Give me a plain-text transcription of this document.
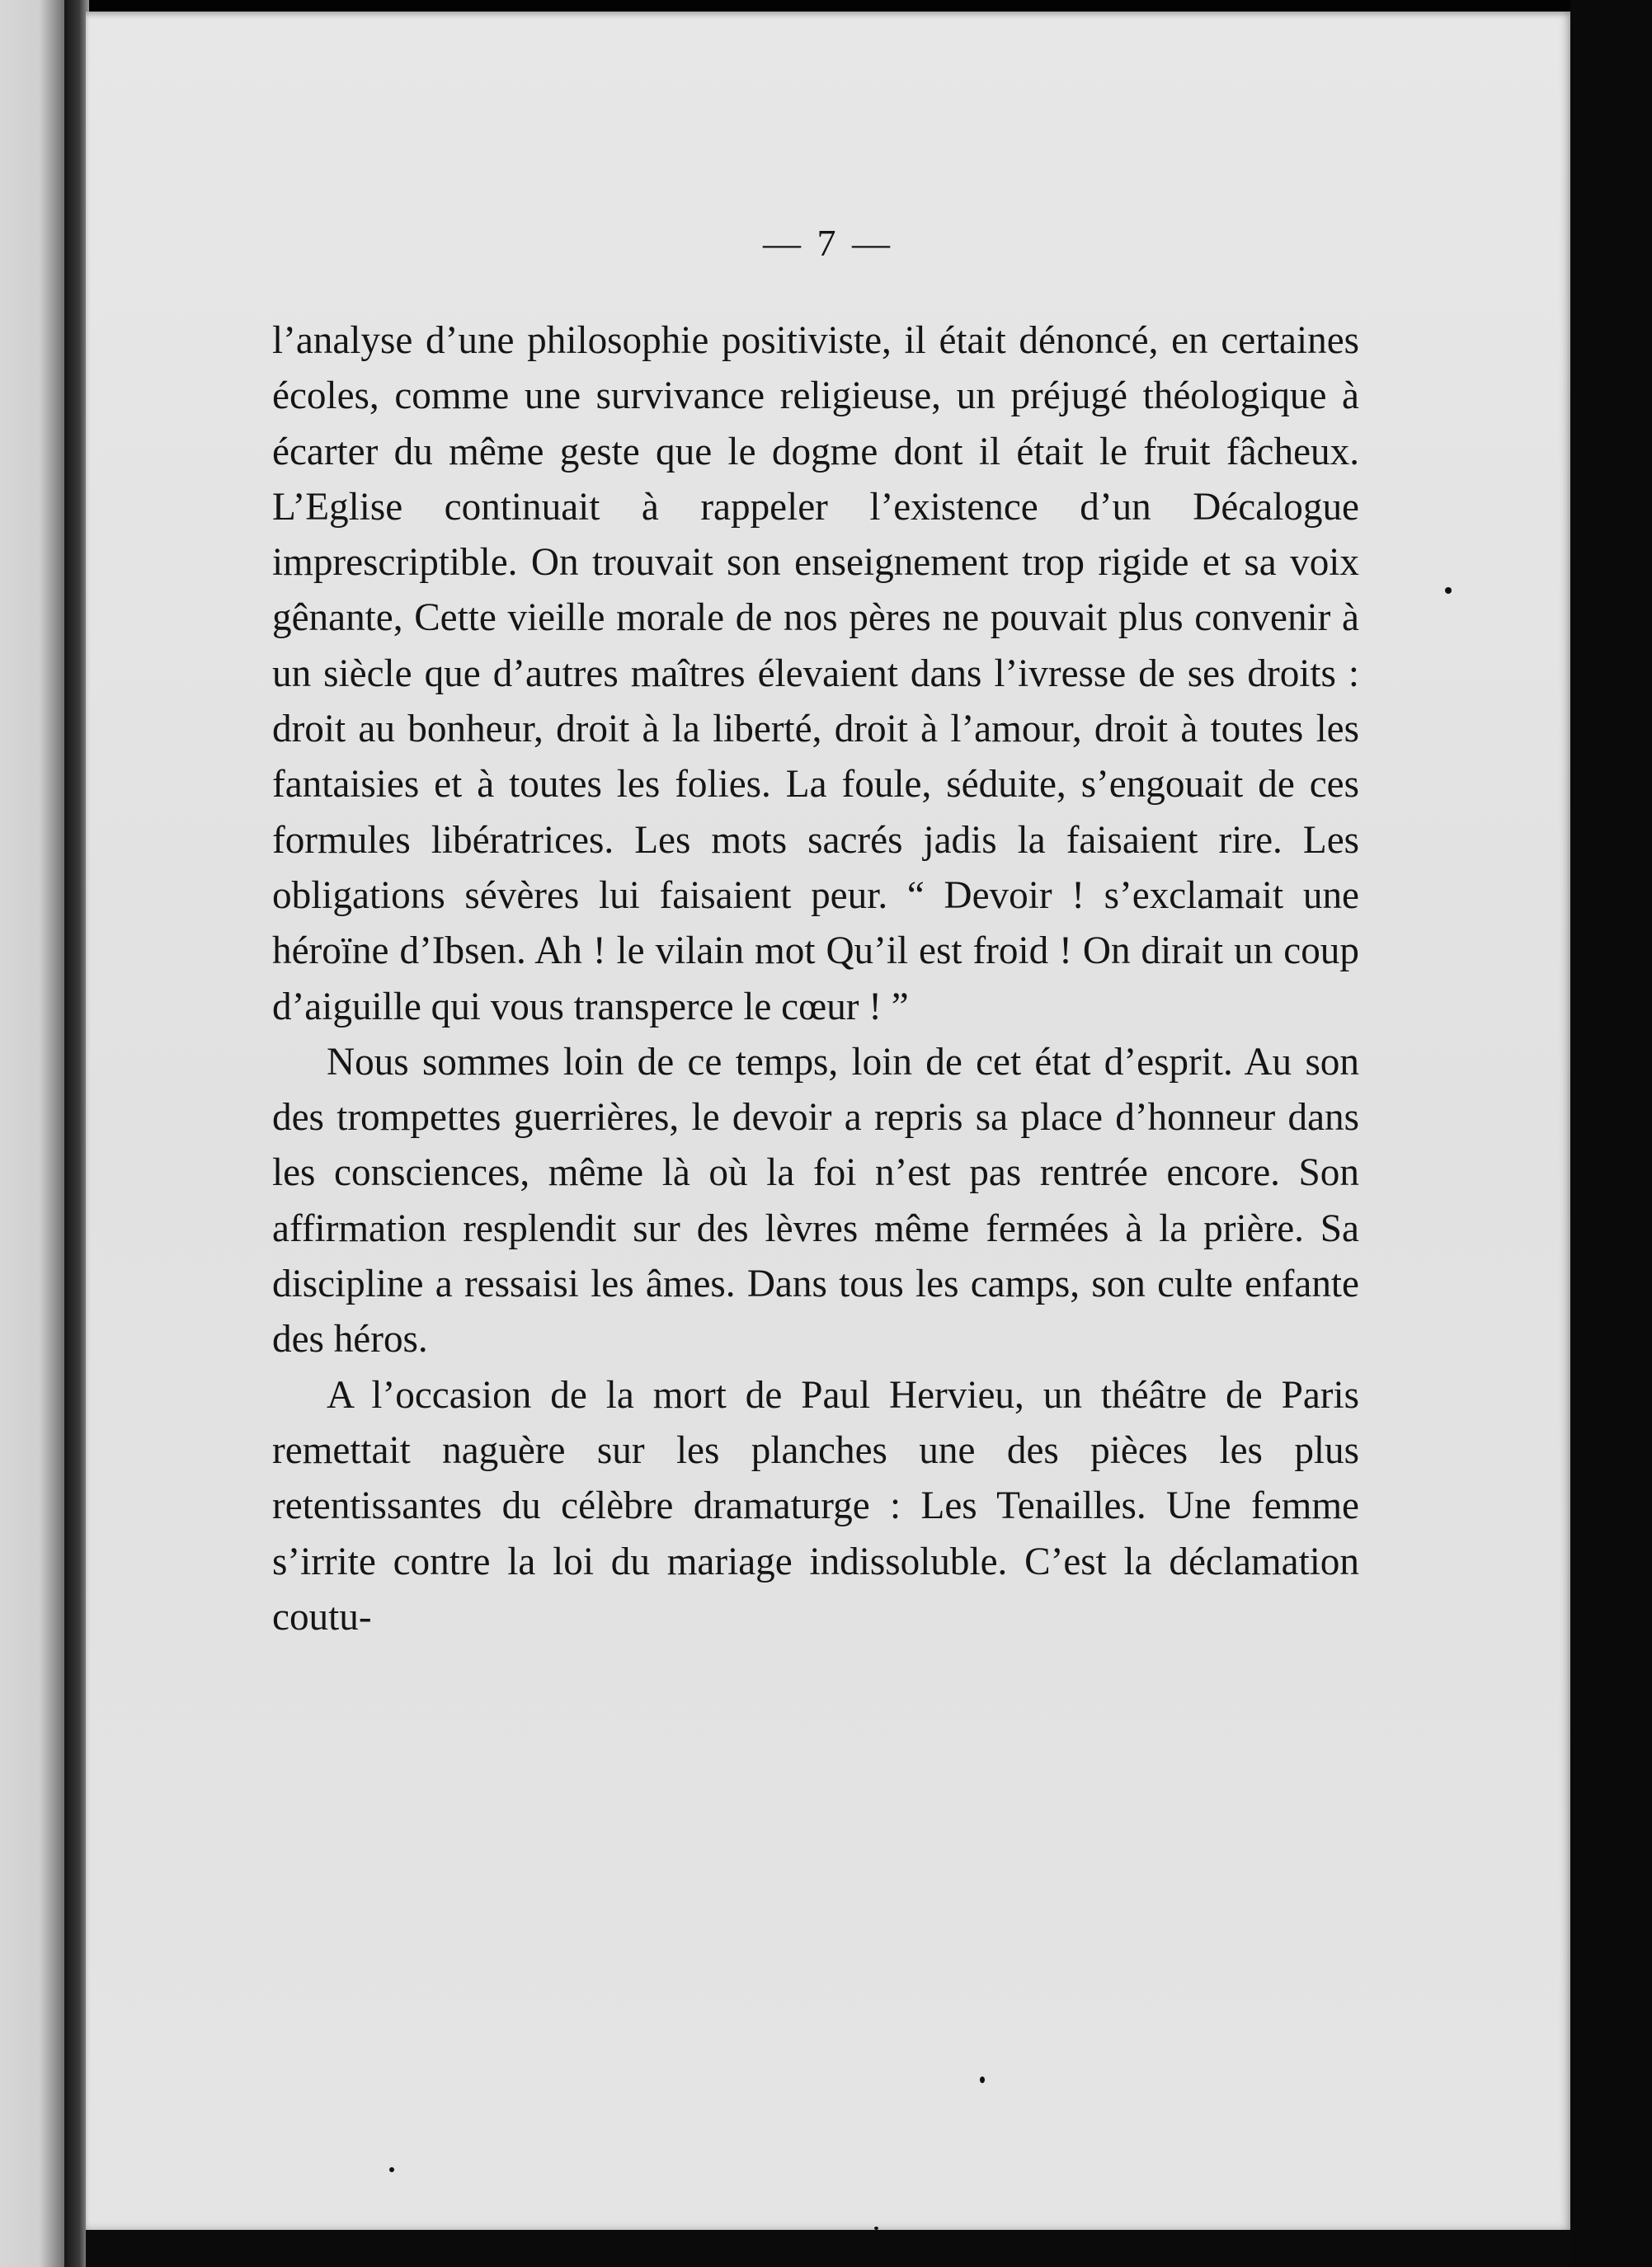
— 7 —

l’analyse d’une philosophie positiviste, il était dénoncé, en certaines écoles, comme une survivance religieuse, un préjugé théologique à écarter du même geste que le dogme dont il était le fruit fâcheux. L’Eglise continuait à rappeler l’existence d’un Décalogue imprescriptible. On trouvait son enseignement trop rigide et sa voix gênante, Cette vieille morale de nos pères ne pouvait plus convenir à un siècle que d’autres maîtres élevaient dans l’ivresse de ses droits : droit au bonheur, droit à la liberté, droit à l’amour, droit à toutes les fantaisies et à toutes les folies. La foule, séduite, s’engouait de ces formules libératrices. Les mots sacrés jadis la faisaient rire. Les obligations sévères lui faisaient peur. “ Devoir ! s’exclamait une héroïne d’Ibsen. Ah ! le vilain mot Qu’il est froid ! On dirait un coup d’aiguille qui vous transperce le cœur ! ”

Nous sommes loin de ce temps, loin de cet état d’esprit. Au son des trompettes guerrières, le devoir a repris sa place d’honneur dans les consciences, même là où la foi n’est pas rentrée encore. Son affirmation resplendit sur des lèvres même fermées à la prière. Sa discipline a ressaisi les âmes. Dans tous les camps, son culte enfante des héros.

A l’occasion de la mort de Paul Hervieu, un théâtre de Paris remettait naguère sur les planches une des pièces les plus retentissantes du célèbre dramaturge : Les Tenailles. Une femme s’irrite contre la loi du mariage indissoluble. C’est la déclamation coutu-
